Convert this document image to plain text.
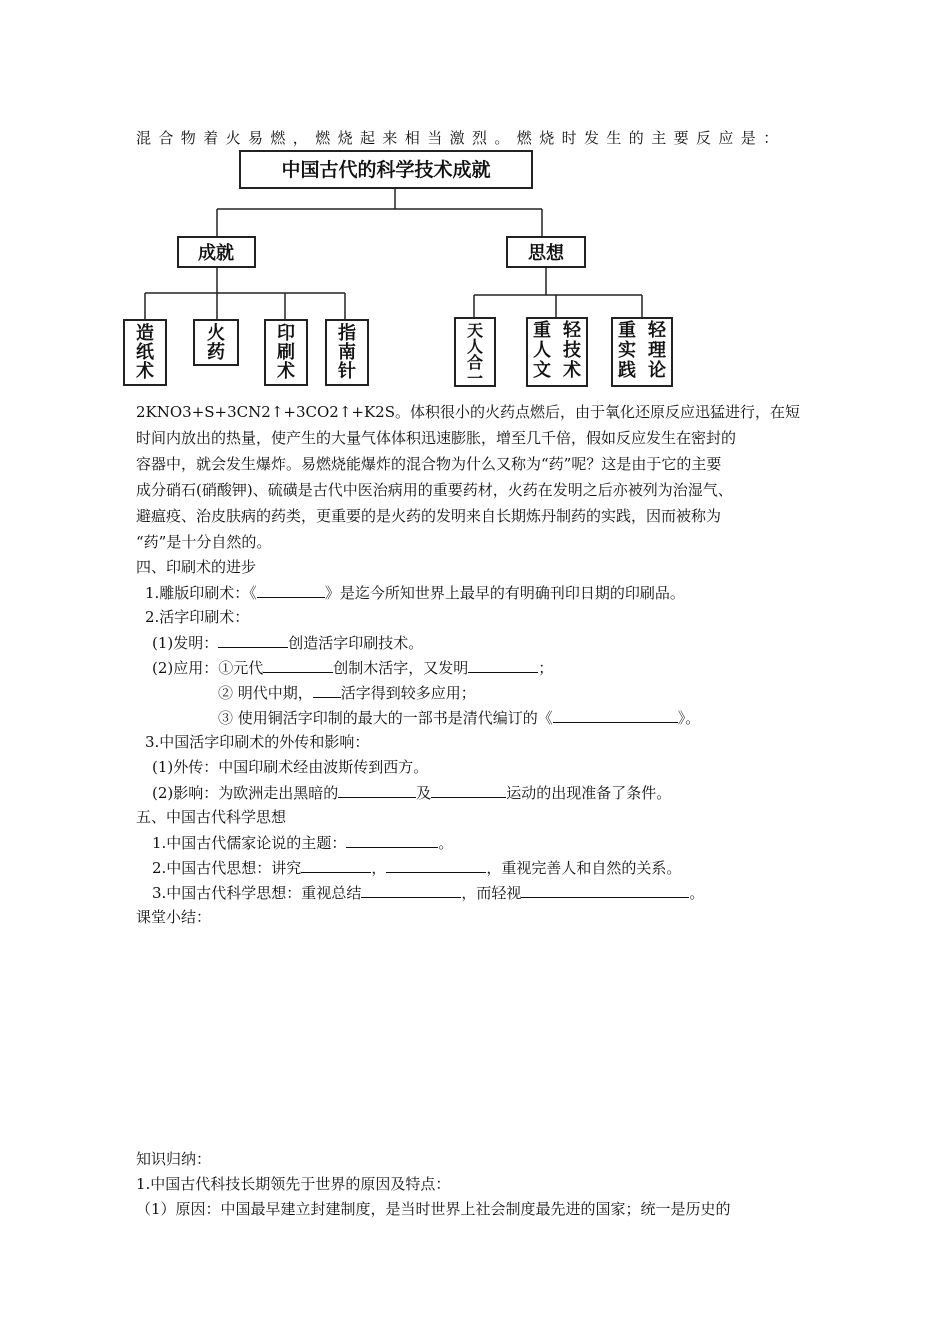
混合物着火易燃，燃烧起来相当激烈。燃烧时发生的主要反应是：
中国古代的科学技术成就
成就	思想
造
纸
术
火
药
印
刷
术
指
南
针
天
人
合
一
重
人
文
轻
技
术
重
实
践
轻
理
论
2KNO3+S+3CN2↑+3CO2↑+K2S。体积很小的火药点燃后，由于氧化还原反应迅猛进行，在短
时间内放出的热量，使产生的大量气体体积迅速膨胀，增至几千倍，假如反应发生在密封的
容器中，就会发生爆炸。易燃烧能爆炸的混合物为什么又称为“药”呢？这是由于它的主要
成分硝石(硝酸钾)、硫磺是古代中医治病用的重要药材，火药在发明之后亦被列为治湿气、
避瘟疫、治皮肤病的药类，更重要的是火药的发明来自长期炼丹制药的实践，因而被称为
“药”是十分自然的。
四、印刷术的进步
1.雕版印刷术：《	》是迄今所知世界上最早的有明确刊印日期的印刷品。
2.活字印刷术：
(1)发明：	创造活字印刷技术。
(2)应用：①元代	创制木活字，又发明	；
② 明代中期， 活字得到较多应用；
③ 使用铜活字印制的最大的一部书是清代编订的《	》。
3.中国活字印刷术的外传和影响：
(1)外传：中国印刷术经由波斯传到西方。
(2)影响：为欧洲走出黑暗的	及	运动的出现准备了条件。
五、中国古代科学思想
1.中国古代儒家论说的主题：	。
2.中国古代思想：讲究	，	，重视完善人和自然的关系。
3.中国古代科学思想：重视总结	，而轻视	。
课堂小结：
知识归纳：
1.中国古代科技长期领先于世界的原因及特点：
（1）原因：中国最早建立封建制度，是当时世界上社会制度最先进的国家；统一是历史的
